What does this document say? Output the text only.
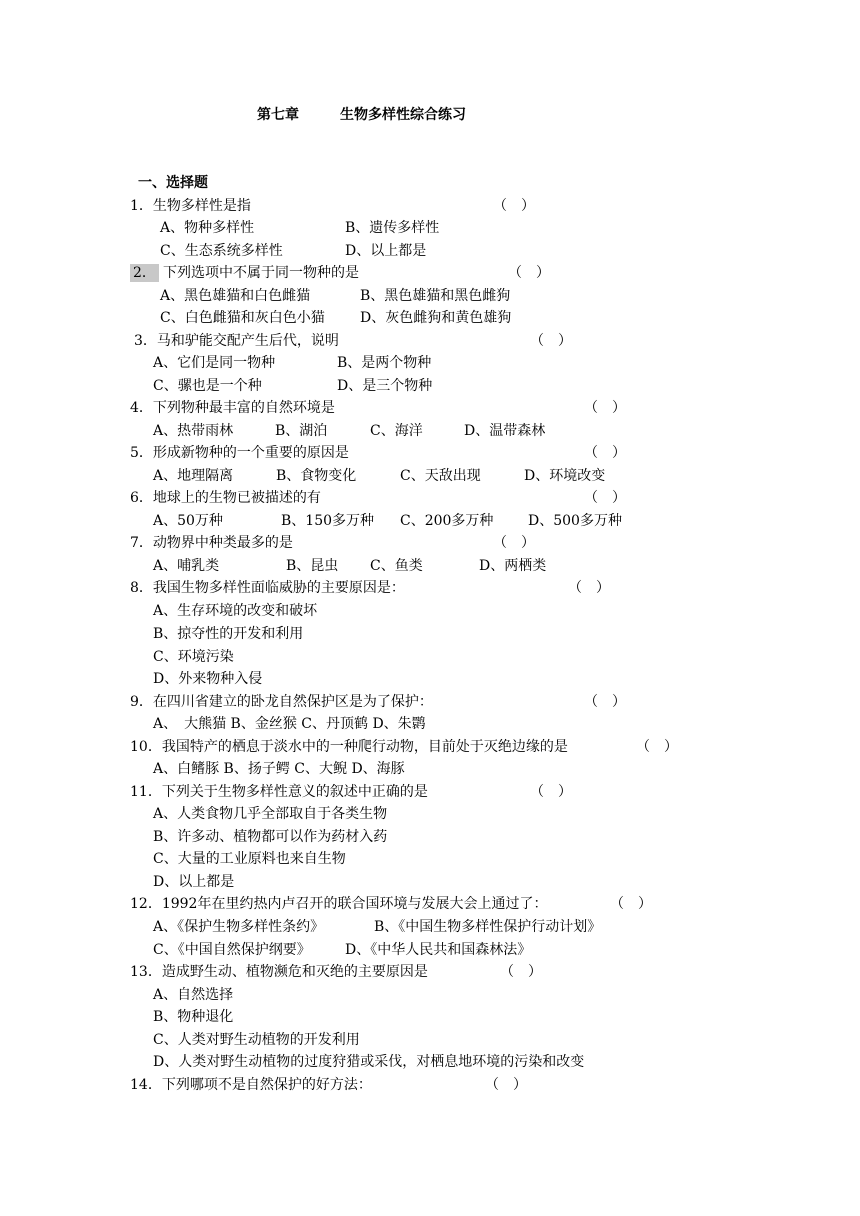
第七章	生物多样性综合练习
一、选择题
1．生物多样性是指	（　）
A、物种多样性	B、遗传多样性
C、生态系统多样性	D、以上都是
2． 下列选项中不属于同一物种的是	（　）
A、黑色雄猫和白色雌猫	B、黑色雄猫和黑色雌狗
C、白色雌猫和灰白色小猫	D、灰色雌狗和黄色雄狗
3．马和驴能交配产生后代，说明	（　）
A、它们是同一物种	B、是两个物种
C、骡也是一个种	D、是三个物种
4．下列物种最丰富的自然环境是	（　）
A、热带雨林	B、湖泊	C、海洋	D、温带森林
5．形成新物种的一个重要的原因是	（　）
A、地理隔离	B、食物变化	C、天敌出现	D、环境改变
6．地球上的生物已被描述的有	（　）
A、50万种	B、150多万种 C、200多万种 D、500多万种
7．动物界中种类最多的是	（　）
A、哺乳类	B、昆虫 C、鱼类	D、两栖类
8．我国生物多样性面临威胁的主要原因是：	（　）
A、生存环境的改变和破坏
B、掠夺性的开发和利用
C、环境污染
D、外来物种入侵
9．在四川省建立的卧龙自然保护区是为了保护：	（　）
A、　大熊猫 B、金丝猴 C、丹顶鹤 D、朱鹮
10．我国特产的栖息于淡水中的一种爬行动物，目前处于灭绝边缘的是	（　）
A、白鳍豚 B、扬子鳄 C、大鲵 D、海豚
11．下列关于生物多样性意义的叙述中正确的是	（　）
A、人类食物几乎全部取自于各类生物
B、许多动、植物都可以作为药材入药
C、大量的工业原料也来自生物
D、以上都是
12．1992年在里约热内卢召开的联合国环境与发展大会上通过了：	（　）
A、《保护生物多样性条约》	B、《中国生物多样性保护行动计划》
C、《中国自然保护纲要》 D、《中华人民共和国森林法》
13．造成野生动、植物濒危和灭绝的主要原因是	（　）
A、自然选择
B、物种退化
C、人类对野生动植物的开发利用
D、人类对野生动植物的过度狩猎或采伐，对栖息地环境的污染和改变
14．下列哪项不是自然保护的好方法：	（　）
